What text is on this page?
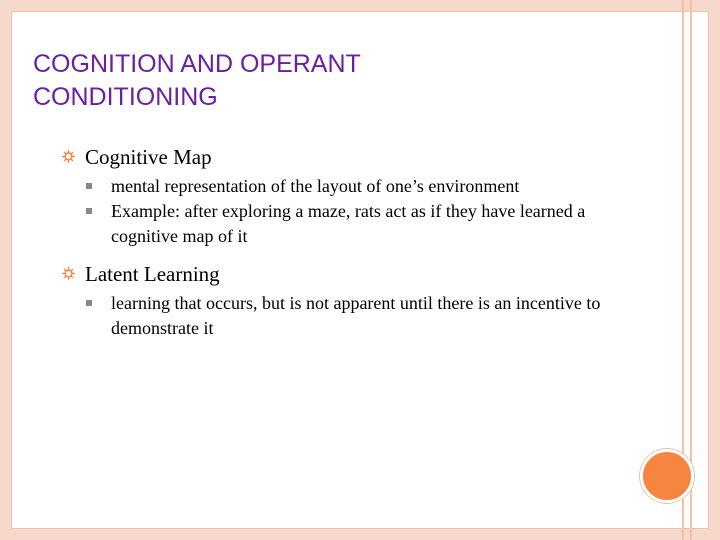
COGNITION AND OPERANT
CONDITIONING
Cognitive Map
mental representation of the layout of one’s environment
Example: after exploring a maze, rats act as if they have learned a cognitive map of it
Latent Learning
learning that occurs, but is not apparent until there is an incentive to demonstrate it
